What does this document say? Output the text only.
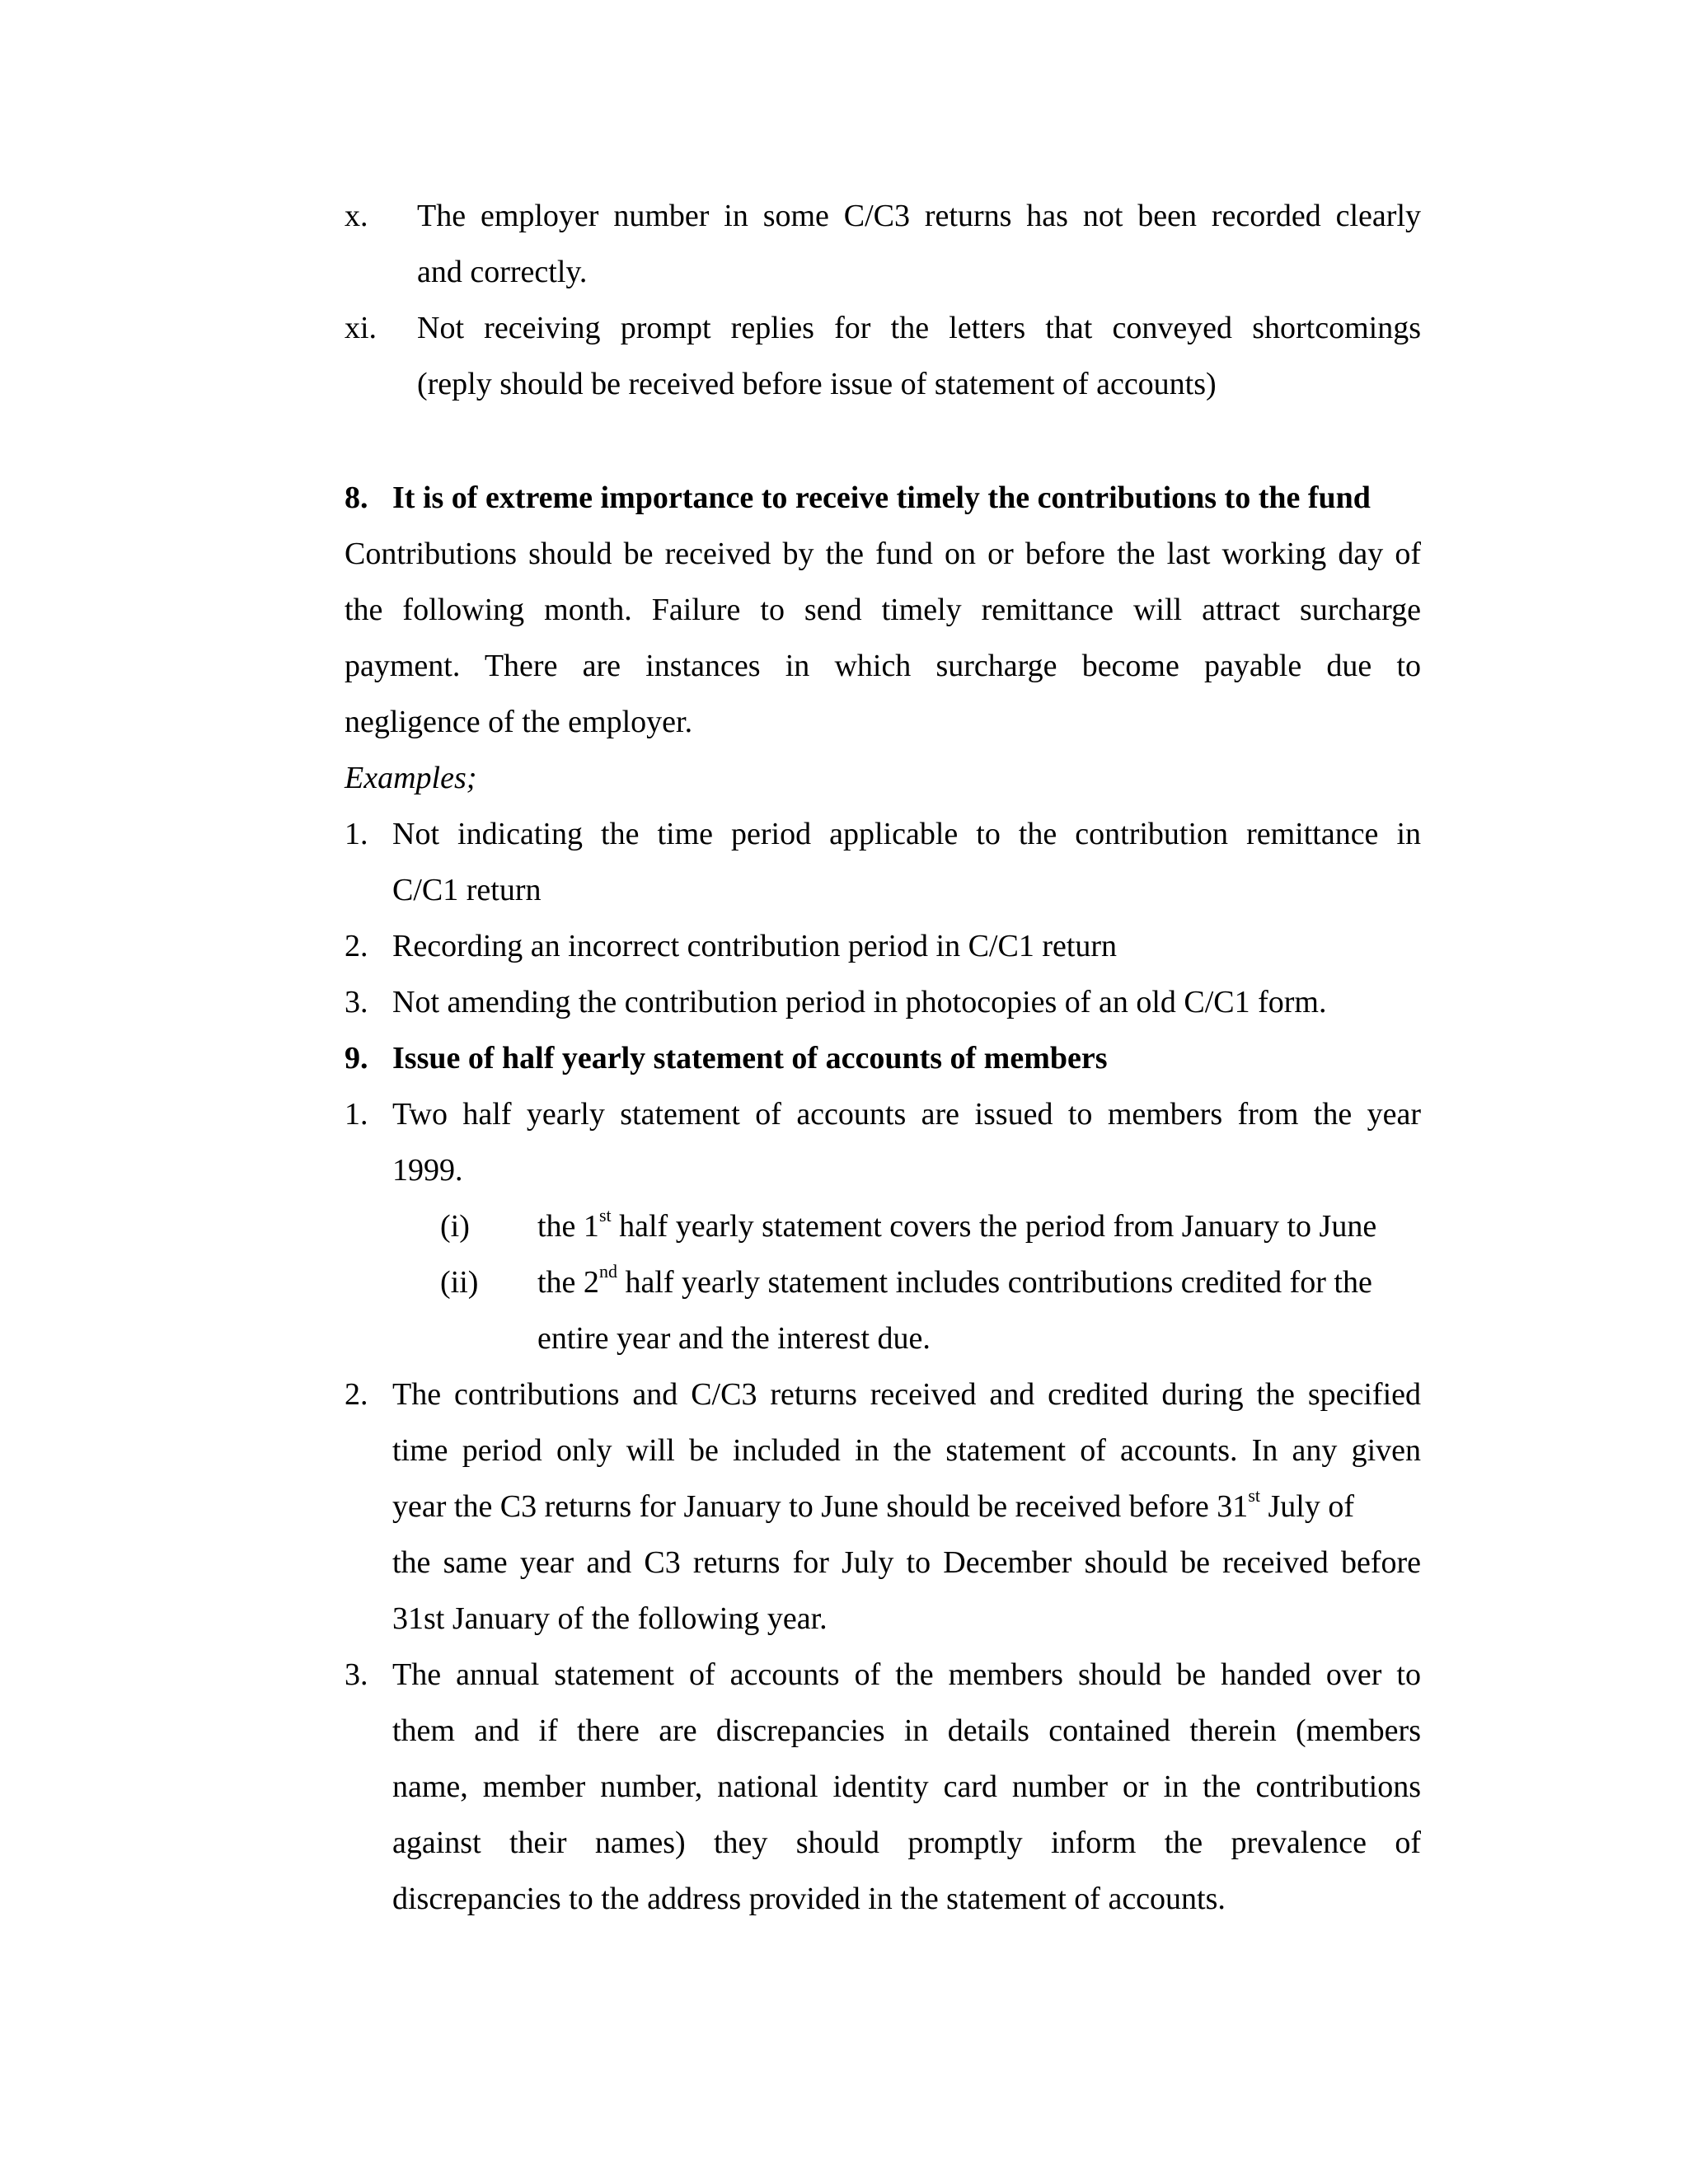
x. The employer number in some C/C3 returns has not been recorded clearly
and correctly.
xi. Not receiving prompt replies for the letters that conveyed shortcomings
(reply should be received before issue of statement of accounts)
8. It is of extreme importance to receive timely the contributions to the fund
Contributions should be received by the fund on or before the last working day of
the following month. Failure to send timely remittance will attract surcharge
payment. There are instances in which surcharge become payable due to
negligence of the employer.
Examples;
1. Not indicating the time period applicable to the contribution remittance in
C/C1 return
2. Recording an incorrect contribution period in C/C1 return
3. Not amending the contribution period in photocopies of an old C/C1 form.
9. Issue of half yearly statement of accounts of members
1. Two half yearly statement of accounts are issued to members from the year
1999.
(i) the 1st half yearly statement covers the period from January to June
(ii) the 2nd half yearly statement includes contributions credited for the
entire year and the interest due.
2. The contributions and C/C3 returns received and credited during the specified
time period only will be included in the statement of accounts. In any given
year the C3 returns for January to June should be received before 31st July of
the same year and C3 returns for July to December should be received before
31st January of the following year.
3. The annual statement of accounts of the members should be handed over to
them and if there are discrepancies in details contained therein (members
name, member number, national identity card number or in the contributions
against their names) they should promptly inform the prevalence of
discrepancies to the address provided in the statement of accounts.
